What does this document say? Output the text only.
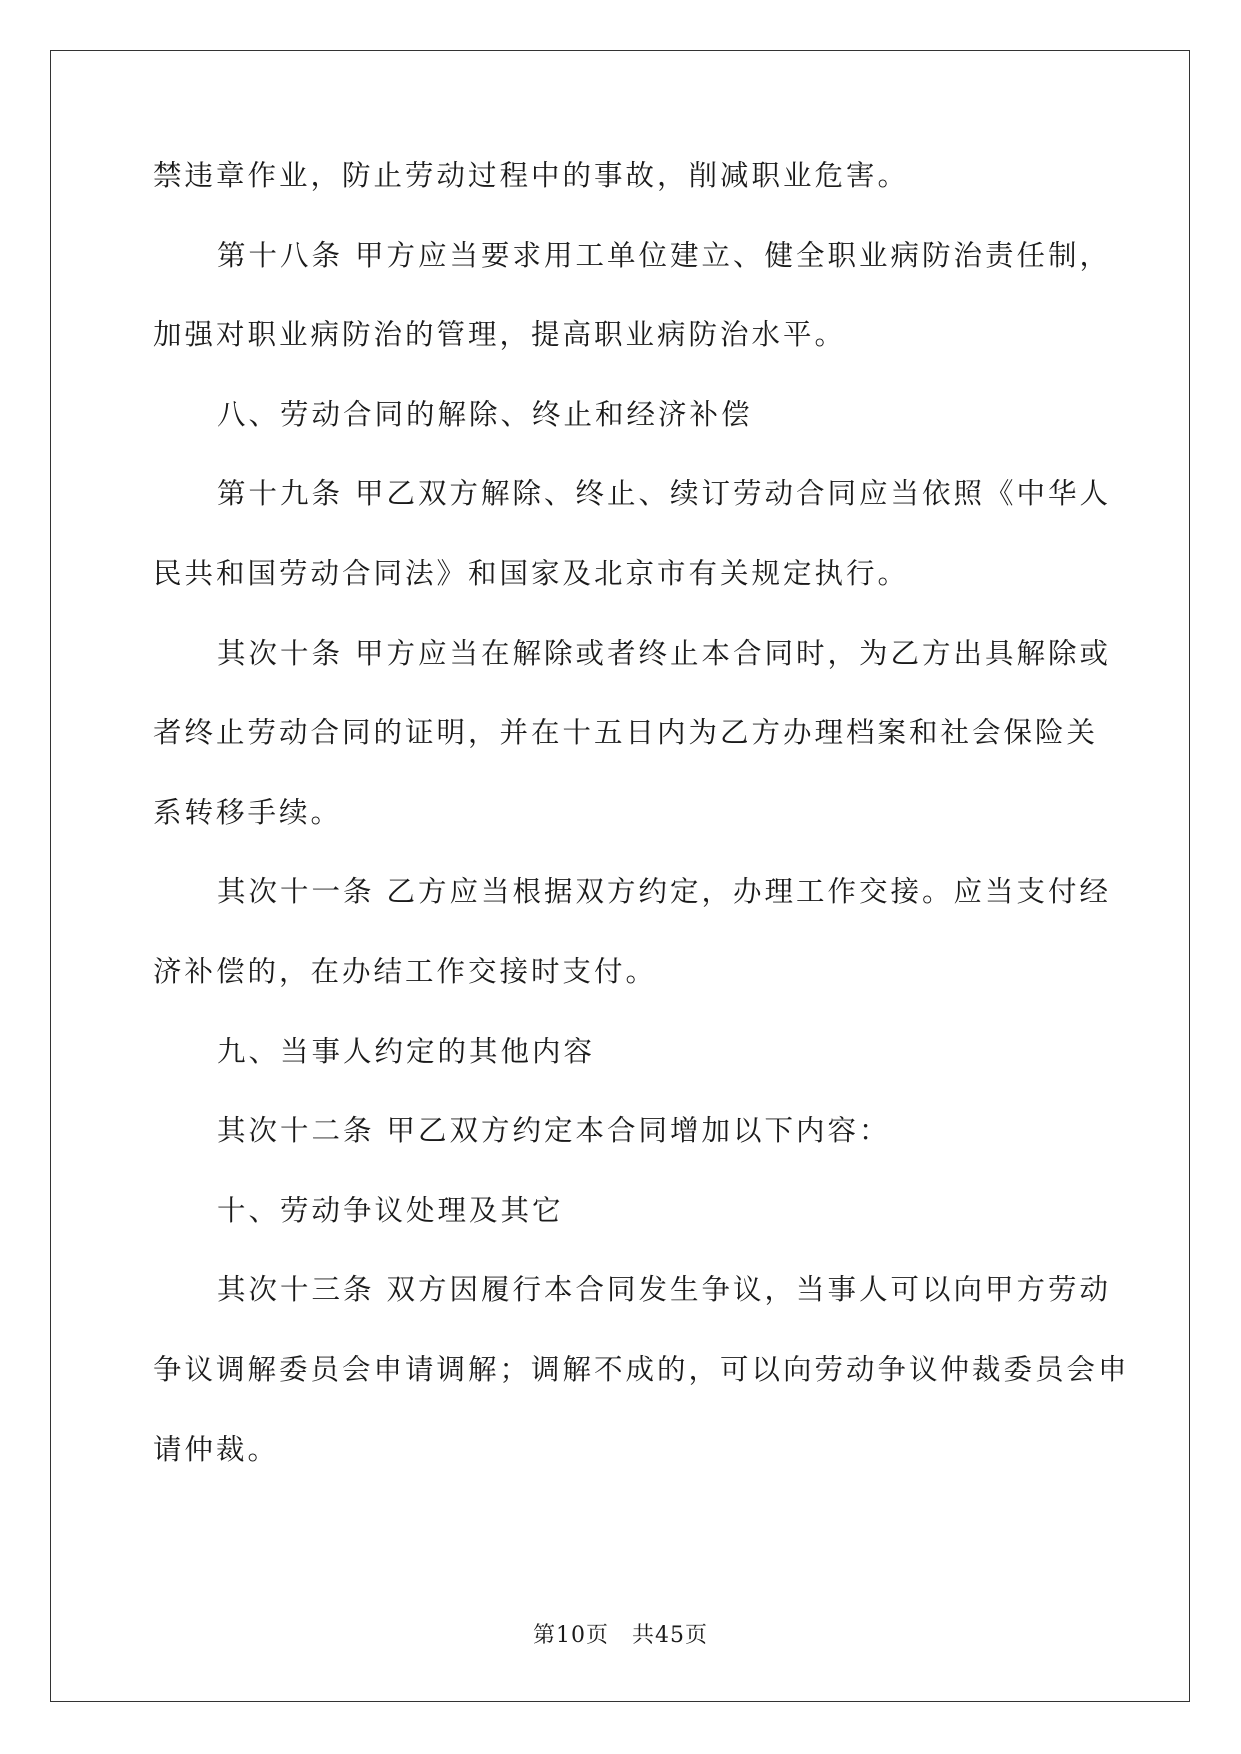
禁违章作业，防止劳动过程中的事故，削减职业危害。
第十八条 甲方应当要求用工单位建立、健全职业病防治责任制，
加强对职业病防治的管理，提高职业病防治水平。
八、劳动合同的解除、终止和经济补偿
第十九条 甲乙双方解除、终止、续订劳动合同应当依照《中华人
民共和国劳动合同法》和国家及北京市有关规定执行。
其次十条 甲方应当在解除或者终止本合同时，为乙方出具解除或
者终止劳动合同的证明，并在十五日内为乙方办理档案和社会保险关
系转移手续。
其次十一条 乙方应当根据双方约定，办理工作交接。应当支付经
济补偿的，在办结工作交接时支付。
九、当事人约定的其他内容
其次十二条 甲乙双方约定本合同增加以下内容：
十、劳动争议处理及其它
其次十三条 双方因履行本合同发生争议，当事人可以向甲方劳动
争议调解委员会申请调解；调解不成的，可以向劳动争议仲裁委员会申
请仲裁。
第10页　共45页
